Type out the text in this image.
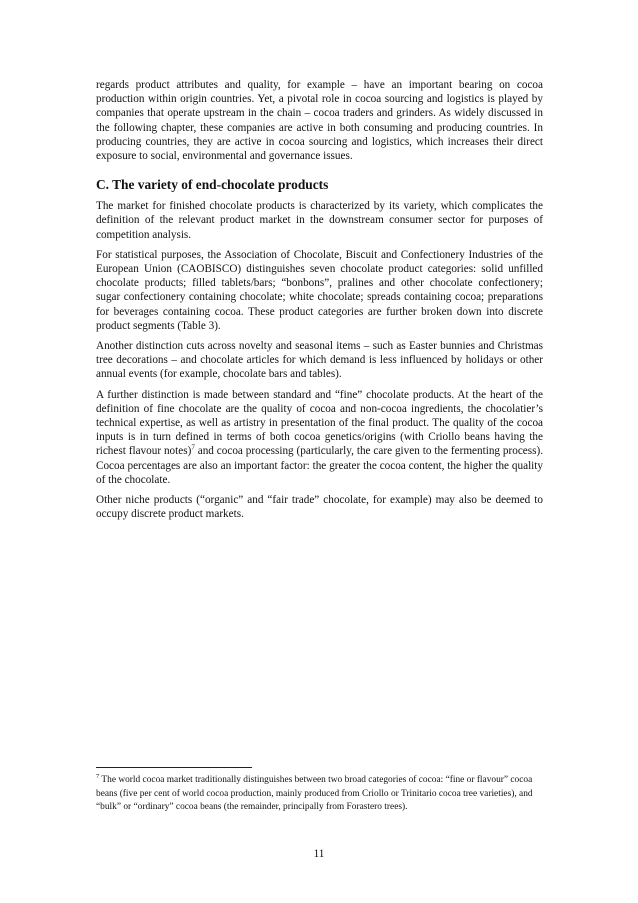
regards product attributes and quality, for example – have an important bearing on cocoa production within origin countries. Yet, a pivotal role in cocoa sourcing and logistics is played by companies that operate upstream in the chain – cocoa traders and grinders. As widely discussed in the following chapter, these companies are active in both consuming and producing countries. In producing countries, they are active in cocoa sourcing and logistics, which increases their direct exposure to social, environmental and governance issues.

C. The variety of end-chocolate products

The market for finished chocolate products is characterized by its variety, which complicates the definition of the relevant product market in the downstream consumer sector for purposes of competition analysis.

For statistical purposes, the Association of Chocolate, Biscuit and Confectionery Industries of the European Union (CAOBISCO) distinguishes seven chocolate product categories: solid unfilled chocolate products; filled tablets/bars; “bonbons”, pralines and other chocolate confectionery; sugar confectionery containing chocolate; white chocolate; spreads containing cocoa; preparations for beverages containing cocoa. These product categories are further broken down into discrete product segments (Table 3).

Another distinction cuts across novelty and seasonal items – such as Easter bunnies and Christmas tree decorations – and chocolate articles for which demand is less influenced by holidays or other annual events (for example, chocolate bars and tables).

A further distinction is made between standard and “fine” chocolate products. At the heart of the definition of fine chocolate are the quality of cocoa and non-cocoa ingredients, the chocolatier’s technical expertise, as well as artistry in presentation of the final product. The quality of the cocoa inputs is in turn defined in terms of both cocoa genetics/origins (with Criollo beans having the richest flavour notes)$^7$ and cocoa processing (particularly, the care given to the fermenting process). Cocoa percentages are also an important factor: the greater the cocoa content, the higher the quality of the chocolate.

Other niche products (“organic” and “fair trade” chocolate, for example) may also be deemed to occupy discrete product markets.

$^7$ The world cocoa market traditionally distinguishes between two broad categories of cocoa: “fine or flavour” cocoa beans (five per cent of world cocoa production, mainly produced from Criollo or Trinitario cocoa tree varieties), and “bulk” or “ordinary” cocoa beans (the remainder, principally from Forastero trees).
11
